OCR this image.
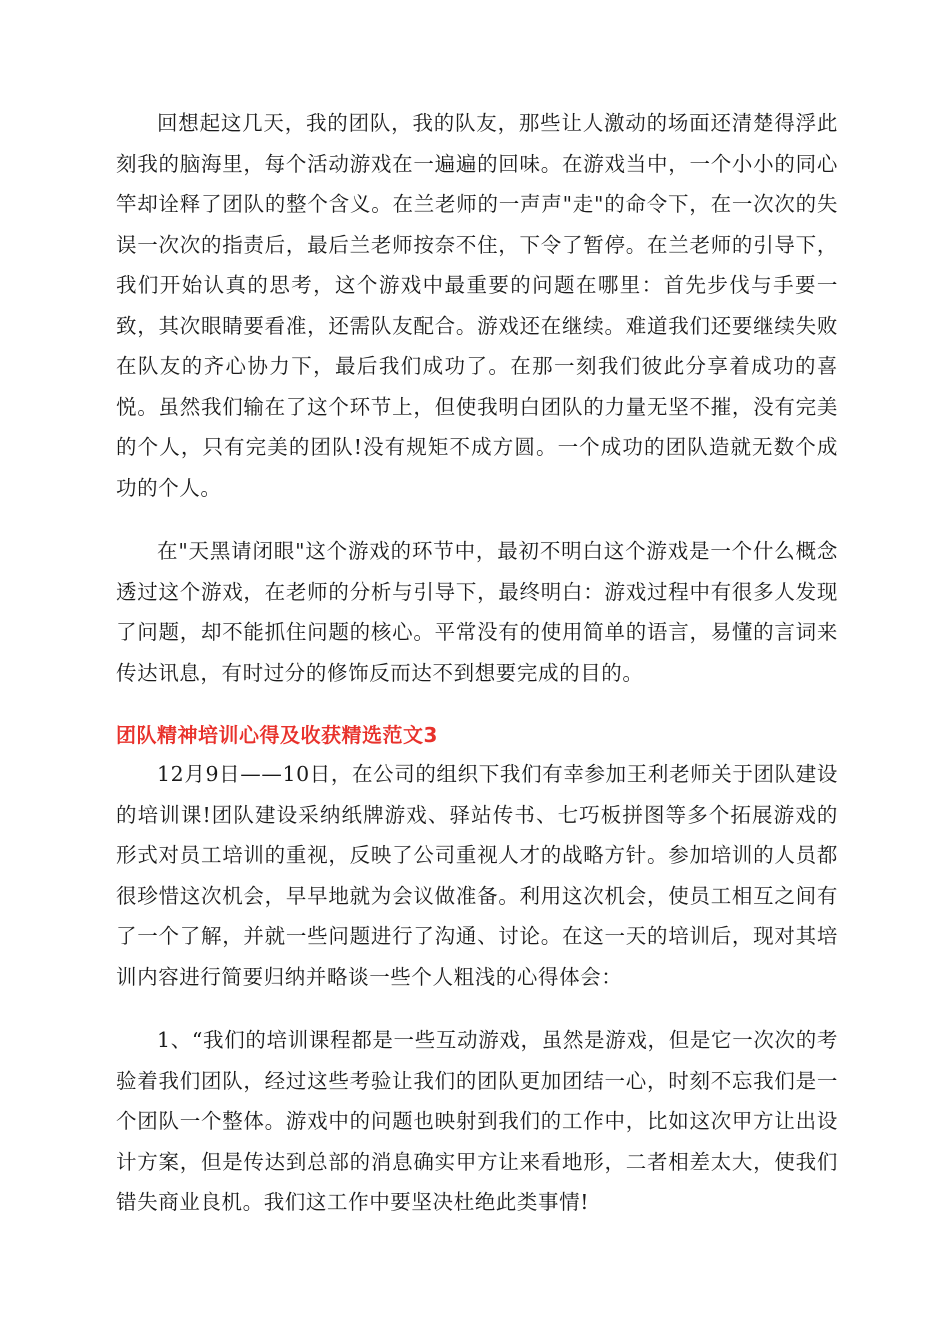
回想起这几天，我的团队，我的队友，那些让人激动的场面还清楚得浮此刻我的脑海里，每个活动游戏在一遍遍的回味。在游戏当中，一个小小的同心竿却诠释了团队的整个含义。在兰老师的一声声"走"的命令下，在一次次的失误一次次的指责后，最后兰老师按奈不住，下令了暂停。在兰老师的引导下，我们开始认真的思考，这个游戏中最重要的问题在哪里：首先步伐与手要一致，其次眼睛要看准，还需队友配合。游戏还在继续。难道我们还要继续失败在队友的齐心协力下，最后我们成功了。在那一刻我们彼此分享着成功的喜悦。虽然我们输在了这个环节上，但使我明白团队的力量无坚不摧，没有完美的个人，只有完美的团队!没有规矩不成方圆。一个成功的团队造就无数个成功的个人。

在"天黑请闭眼"这个游戏的环节中，最初不明白这个游戏是一个什么概念透过这个游戏，在老师的分析与引导下，最终明白：游戏过程中有很多人发现了问题，却不能抓住问题的核心。平常没有的使用简单的语言，易懂的言词来传达讯息，有时过分的修饰反而达不到想要完成的目的。

团队精神培训心得及收获精选范文3

12月9日——10日，在公司的组织下我们有幸参加王利老师关于团队建设的培训课!团队建设采纳纸牌游戏、驿站传书、七巧板拼图等多个拓展游戏的形式对员工培训的重视，反映了公司重视人才的战略方针。参加培训的人员都很珍惜这次机会，早早地就为会议做准备。利用这次机会，使员工相互之间有了一个了解，并就一些问题进行了沟通、讨论。在这一天的培训后，现对其培训内容进行简要归纳并略谈一些个人粗浅的心得体会：

1、“我们的培训课程都是一些互动游戏，虽然是游戏，但是它一次次的考验着我们团队，经过这些考验让我们的团队更加团结一心，时刻不忘我们是一个团队一个整体。游戏中的问题也映射到我们的工作中，比如这次甲方让出设计方案，但是传达到总部的消息确实甲方让来看地形，二者相差太大，使我们错失商业良机。我们这工作中要坚决杜绝此类事情!
